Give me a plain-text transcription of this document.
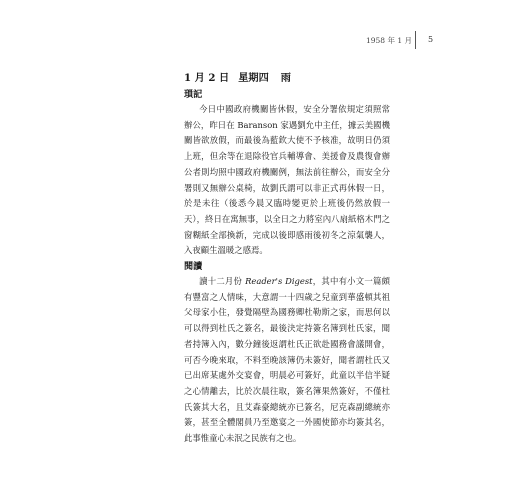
1958 年 1 月 5
1 月 2 日 星期四 雨
瑣記

今日中國政府機關皆休假，安全分署依規定須照常辦公，昨日在 Baranson 家遇劉允中主任，據云美國機關皆欲放假，而最後為藍欽大使不予核准，故明日仍須上班，但余等在退除役官兵輔導會、美援會及農復會辦公者則均照中國政府機關例，無法前往辦公，而安全分署則又無辦公桌椅，故劉氏謂可以非正式再休假一日，於是未往（後悉今晨又臨時變更於上班後仍然放假一天），終日在寓無事，以全日之力將室內八扇紙格木門之窗糊紙全部換新，完成以後即感雨後初冬之涼氣襲人，入夜顧生溫暖之感焉。

閱讀

讀十二月份 Reader's Digest，其中有小文一篇頗有豐富之人情味，大意謂一十四歲之兒童到華盛頓其祖父母家小住，發覺隔壁為國務卿杜勒斯之家，而思何以可以得到杜氏之簽名，最後決定持簽名簿到杜氏家，聞者持簿入內，數分鐘後返謂杜氏正欲赴國務會議開會，可否今晚來取，不料至晚該簿仍未簽好，聞者謂杜氏又已出席某處外交宴會，明晨必可簽好，此童以半信半疑之心情離去，比於次晨往取，簽名簿果然簽好，不僅杜氏簽其大名，且艾森豪總統亦已簽名，尼克森副總統亦簽，甚至全體閣員乃至邀宴之一外國使節亦均簽其名，此事惟童心未泯之民族有之也。
